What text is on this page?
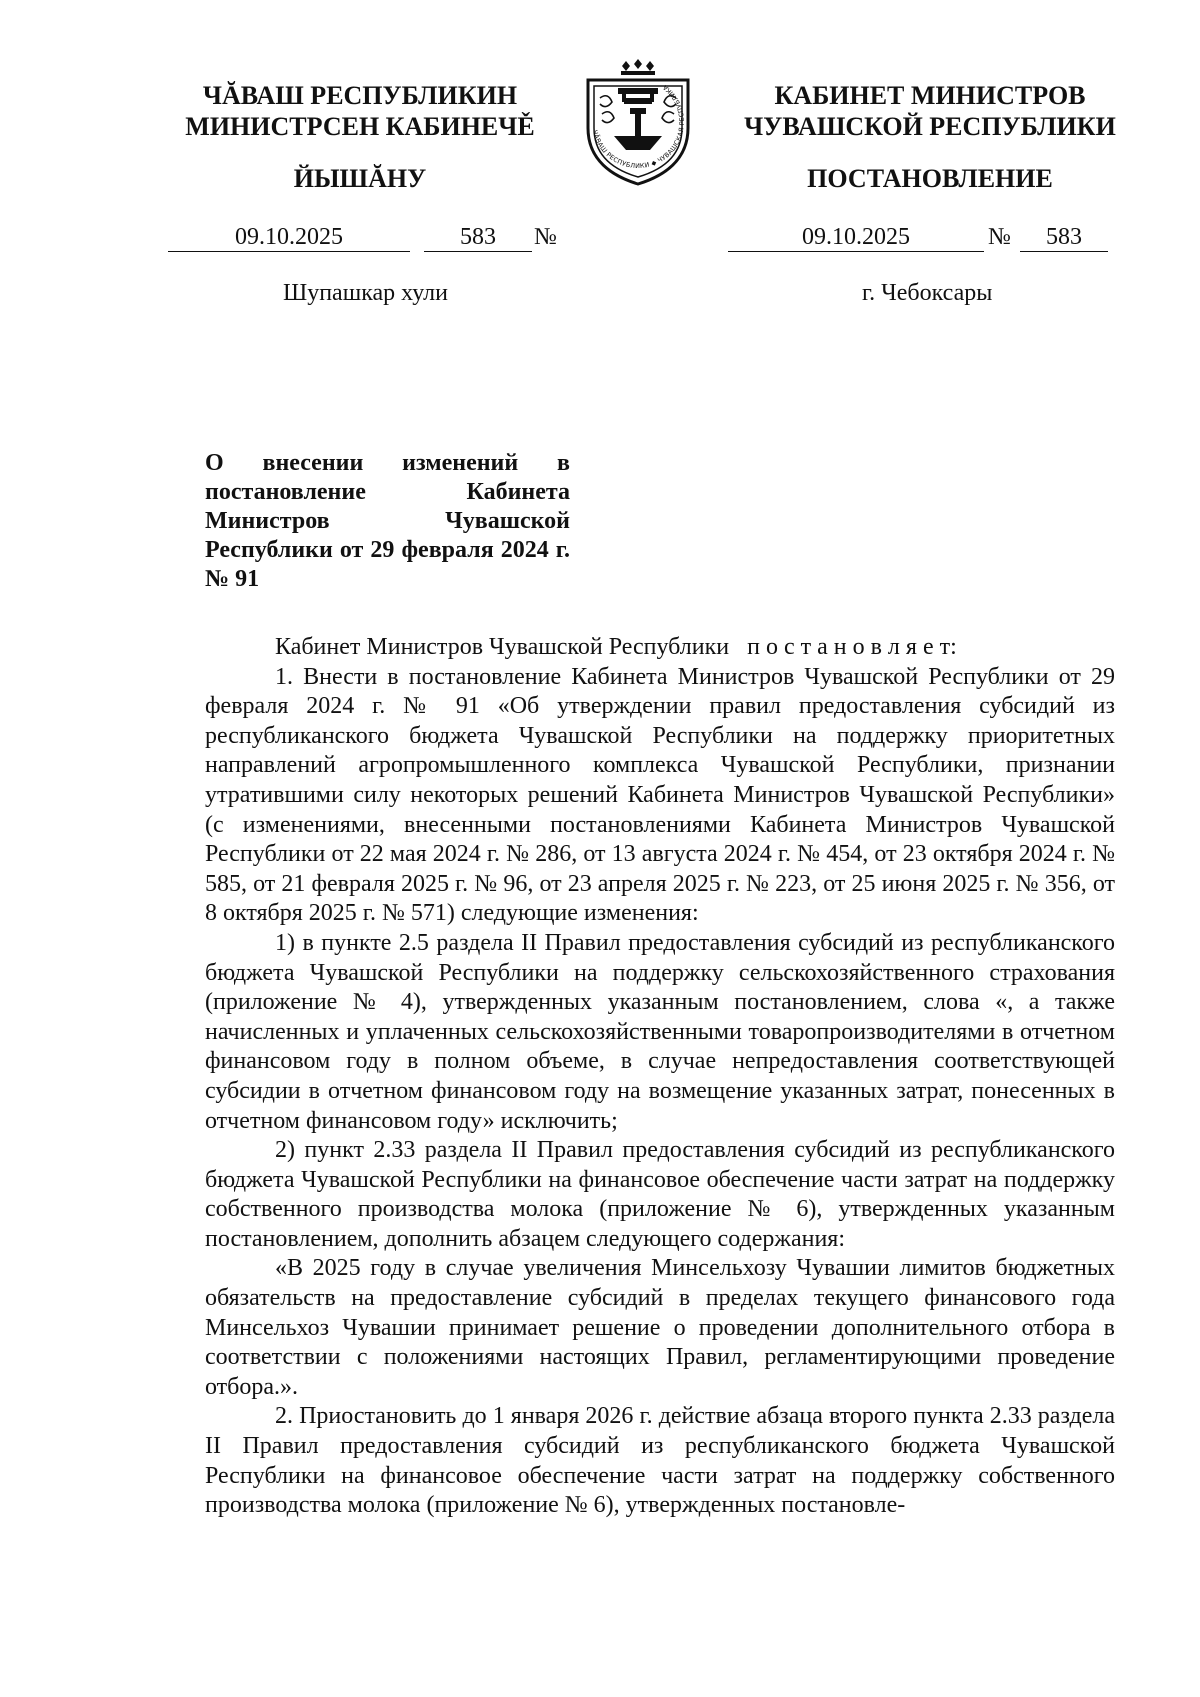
ЧĂВАШ РЕСПУБЛИКИН
МИНИСТРСЕН КАБИНЕЧĚ
ЙЫШĂНУ
ЧĂВАШ РЕСПУБЛИКИ ◆ ЧУВАШСКАЯ РЕСПУБЛИКА	КАБИНЕТ МИНИСТРОВ
ЧУВАШСКОЙ РЕСПУБЛИКИ
ПОСТАНОВЛЕНИЕ
09.10.2025	583	№	09.10.2025	№	583
Шупашкар хули	г. Чебоксары
О внесении изменений в постановление Кабинета Министров Чувашской Республики от 29 февраля 2024 г. № 91

Кабинет Министров Чувашской Республики п о с т а н о в л я е т:

1. Внести в постановление Кабинета Министров Чувашской Республики от 29 февраля 2024 г. № 91 «Об утверждении правил предоставления субсидий из республиканского бюджета Чувашской Республики на поддержку приоритетных направлений агропромышленного комплекса Чувашской Республики, признании утратившими силу некоторых решений Кабинета Министров Чувашской Республики» (с изменениями, внесенными постановлениями Кабинета Министров Чувашской Республики от 22 мая 2024 г. № 286, от 13 августа 2024 г. № 454, от 23 октября 2024 г. № 585, от 21 февраля 2025 г. № 96, от 23 апреля 2025 г. № 223, от 25 июня 2025 г. № 356, от 8 октября 2025 г. № 571) следующие изменения:

1) в пункте 2.5 раздела II Правил предоставления субсидий из республиканского бюджета Чувашской Республики на поддержку сельскохозяйственного страхования (приложение № 4), утвержденных указанным постановлением, слова «, а также начисленных и уплаченных сельскохозяйственными товаропроизводителями в отчетном финансовом году в полном объеме, в случае непредоставления соответствующей субсидии в отчетном финансовом году на возмещение указанных затрат, понесенных в отчетном финансовом году» исключить;

2) пункт 2.33 раздела II Правил предоставления субсидий из республиканского бюджета Чувашской Республики на финансовое обеспечение части затрат на поддержку собственного производства молока (приложение № 6), утвержденных указанным постановлением, дополнить абзацем следующего содержания:

«В 2025 году в случае увеличения Минсельхозу Чувашии лимитов бюджетных обязательств на предоставление субсидий в пределах текущего финансового года Минсельхоз Чувашии принимает решение о проведении дополнительного отбора в соответствии с положениями настоящих Правил, регламентирующими проведение отбора.».

2. Приостановить до 1 января 2026 г. действие абзаца второго пункта 2.33 раздела II Правил предоставления субсидий из республиканского бюджета Чувашской Республики на финансовое обеспечение части затрат на поддержку собственного производства молока (приложение № 6), утвержденных постановле-
